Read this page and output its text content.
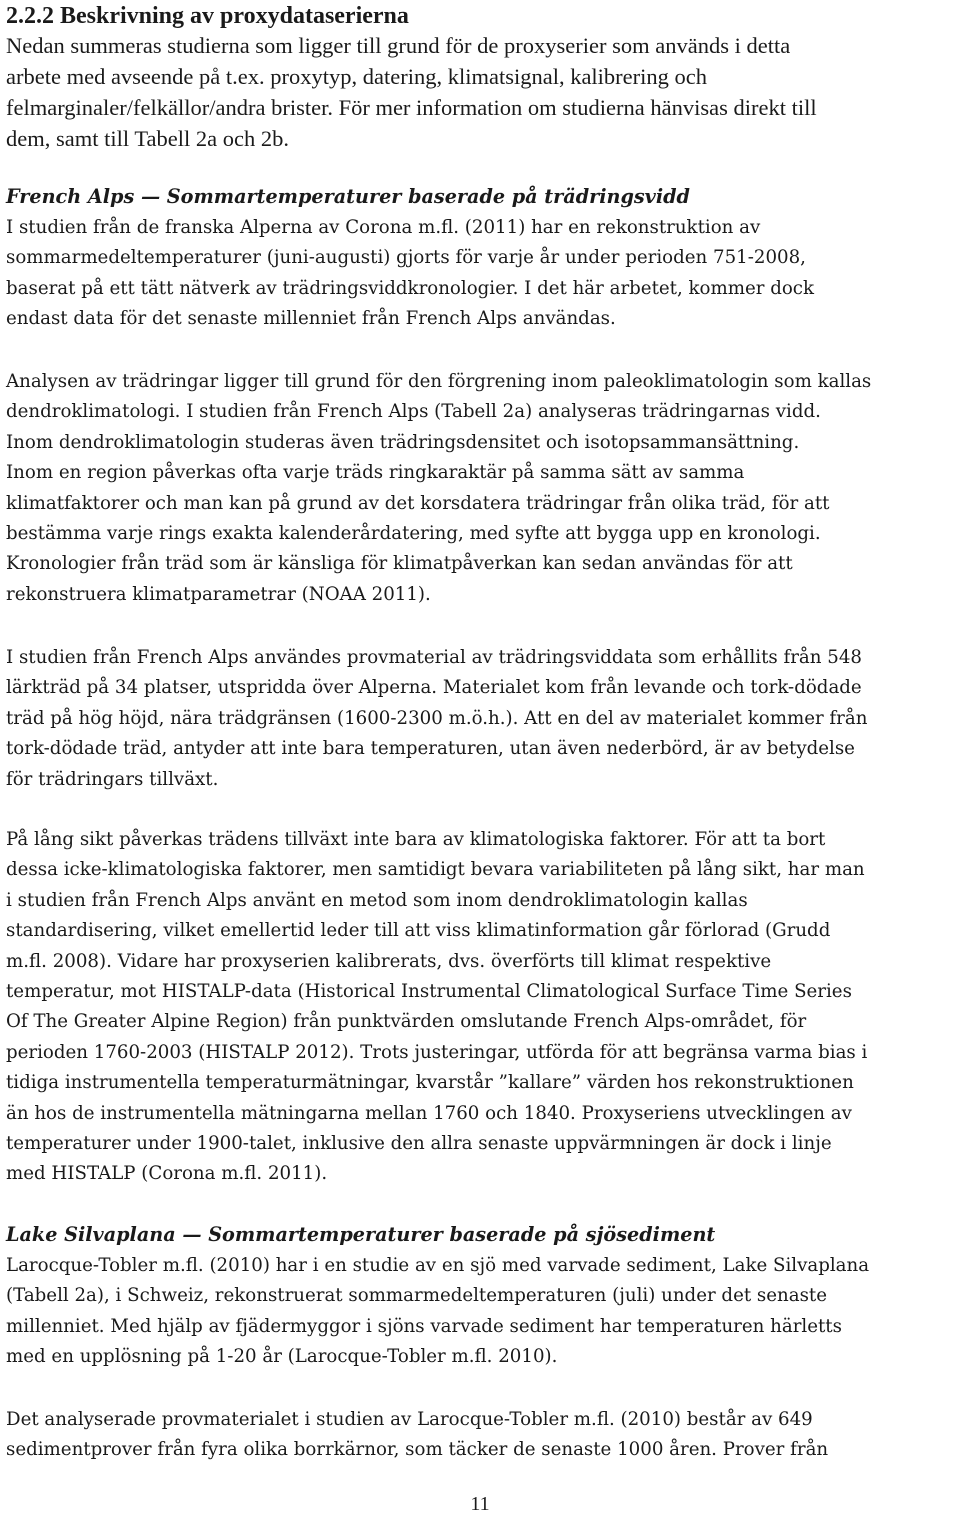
2.2.2 Beskrivning av proxydataserierna

Nedan summeras studierna som ligger till grund för de proxyserier som används i detta
arbete med avseende på t.ex. proxytyp, datering, klimatsignal, kalibrering och
felmarginaler/felkällor/andra brister. För mer information om studierna hänvisas direkt till
dem, samt till Tabell 2a och 2b.

French Alps — Sommartemperaturer baserade på trädringsvidd

I studien från de franska Alperna av Corona m.fl. (2011) har en rekonstruktion av
sommarmedeltemperaturer (juni-augusti) gjorts för varje år under perioden 751-2008,
baserat på ett tätt nätverk av trädringsviddkronologier. I det här arbetet, kommer dock
endast data för det senaste millenniet från French Alps användas.

Analysen av trädringar ligger till grund för den förgrening inom paleoklimatologin som kallas
dendroklimatologi. I studien från French Alps (Tabell 2a) analyseras trädringarnas vidd.
Inom dendroklimatologin studeras även trädringsdensitet och isotopsammansättning.
Inom en region påverkas ofta varje träds ringkaraktär på samma sätt av samma
klimatfaktorer och man kan på grund av det korsdatera trädringar från olika träd, för att
bestämma varje rings exakta kalenderårdatering, med syfte att bygga upp en kronologi.
Kronologier från träd som är känsliga för klimatpåverkan kan sedan användas för att
rekonstruera klimatparametrar (NOAA 2011).

I studien från French Alps användes provmaterial av trädringsviddata som erhållits från 548
lärkträd på 34 platser, utspridda över Alperna. Materialet kom från levande och tork-dödade
träd på hög höjd, nära trädgränsen (1600-2300 m.ö.h.). Att en del av materialet kommer från
tork-dödade träd, antyder att inte bara temperaturen, utan även nederbörd, är av betydelse
för trädringars tillväxt.

På lång sikt påverkas trädens tillväxt inte bara av klimatologiska faktorer. För att ta bort
dessa icke-klimatologiska faktorer, men samtidigt bevara variabiliteten på lång sikt, har man
i studien från French Alps använt en metod som inom dendroklimatologin kallas
standardisering, vilket emellertid leder till att viss klimatinformation går förlorad (Grudd
m.fl. 2008). Vidare har proxyserien kalibrerats, dvs. överförts till klimat respektive
temperatur, mot HISTALP-data (Historical Instrumental Climatological Surface Time Series
Of The Greater Alpine Region) från punktvärden omslutande French Alps-området, för
perioden 1760-2003 (HISTALP 2012). Trots justeringar, utförda för att begränsa varma bias i
tidiga instrumentella temperaturmätningar, kvarstår ”kallare” värden hos rekonstruktionen
än hos de instrumentella mätningarna mellan 1760 och 1840. Proxyseriens utvecklingen av
temperaturer under 1900-talet, inklusive den allra senaste uppvärmningen är dock i linje
med HISTALP (Corona m.fl. 2011).

Lake Silvaplana — Sommartemperaturer baserade på sjösediment

Larocque-Tobler m.fl. (2010) har i en studie av en sjö med varvade sediment, Lake Silvaplana
(Tabell 2a), i Schweiz, rekonstruerat sommarmedeltemperaturen (juli) under det senaste
millenniet. Med hjälp av fjädermyggor i sjöns varvade sediment har temperaturen härletts
med en upplösning på 1-20 år (Larocque-Tobler m.fl. 2010).

Det analyserade provmaterialet i studien av Larocque-Tobler m.fl. (2010) består av 649
sedimentprover från fyra olika borrkärnor, som täcker de senaste 1000 åren. Prover från

11
